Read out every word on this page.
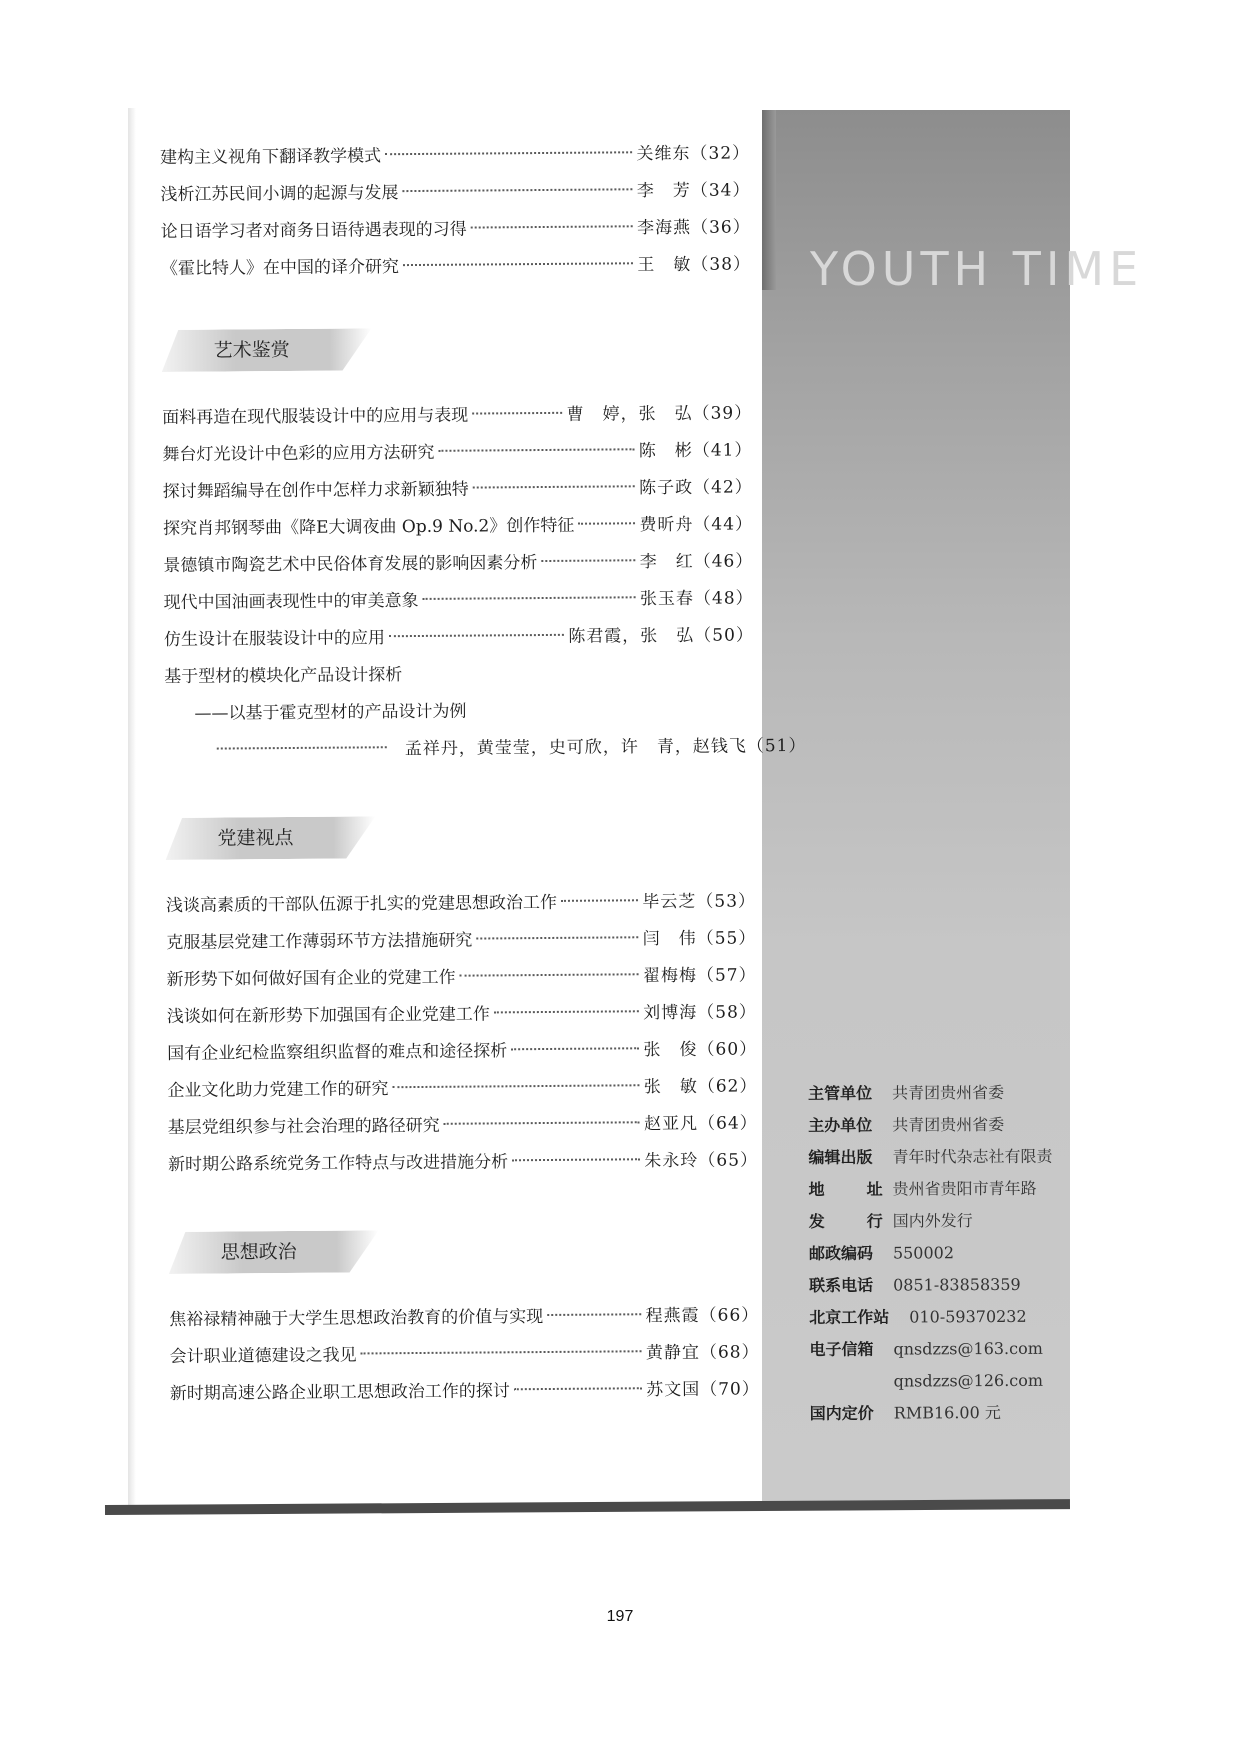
YOUTH TIME
建构主义视角下翻译教学模式	关维东（32）
浅析江苏民间小调的起源与发展	李　芳（34）
论日语学习者对商务日语待遇表现的习得	李海燕（36）
《霍比特人》在中国的译介研究	王　敏（38）
艺术鉴赏
面料再造在现代服装设计中的应用与表现	曹　婷，张　弘（39）
舞台灯光设计中色彩的应用方法研究	陈　彬（41）
探讨舞蹈编导在创作中怎样力求新颖独特	陈子政（42）
探究肖邦钢琴曲《降E大调夜曲 Op.9 No.2》创作特征	费昕舟（44）
景德镇市陶瓷艺术中民俗体育发展的影响因素分析	李　红（46）
现代中国油画表现性中的审美意象	张玉春（48）
仿生设计在服装设计中的应用	陈君霞，张　弘（50）
基于型材的模块化产品设计探析
——以基于霍克型材的产品设计为例
孟祥丹，黄莹莹，史可欣，许　青，赵钱飞（51）
党建视点
浅谈高素质的干部队伍源于扎实的党建思想政治工作	毕云芝（53）
克服基层党建工作薄弱环节方法措施研究	闫　伟（55）
新形势下如何做好国有企业的党建工作	翟梅梅（57）
浅谈如何在新形势下加强国有企业党建工作	刘博海（58）
国有企业纪检监察组织监督的难点和途径探析	张　俊（60）
企业文化助力党建工作的研究	张　敏（62）
基层党组织参与社会治理的路径研究	赵亚凡（64）
新时期公路系统党务工作特点与改进措施分析	朱永玲（65）
思想政治
焦裕禄精神融于大学生思想政治教育的价值与实现	程燕霞（66）
会计职业道德建设之我见	黄静宜（68）
新时期高速公路企业职工思想政治工作的探讨	苏文国（70）
主管单位	共青团贵州省委
主办单位	共青团贵州省委
编辑出版	青年时代杂志社有限责
地址 贵州省贵阳市青年路
发行 国内外发行
邮政编码	550002
联系电话	0851-83858359
北京工作站	010-59370232
电子信箱	qnsdzzs@163.com
qnsdzzs@126.com
国内定价	RMB16.00 元
197
